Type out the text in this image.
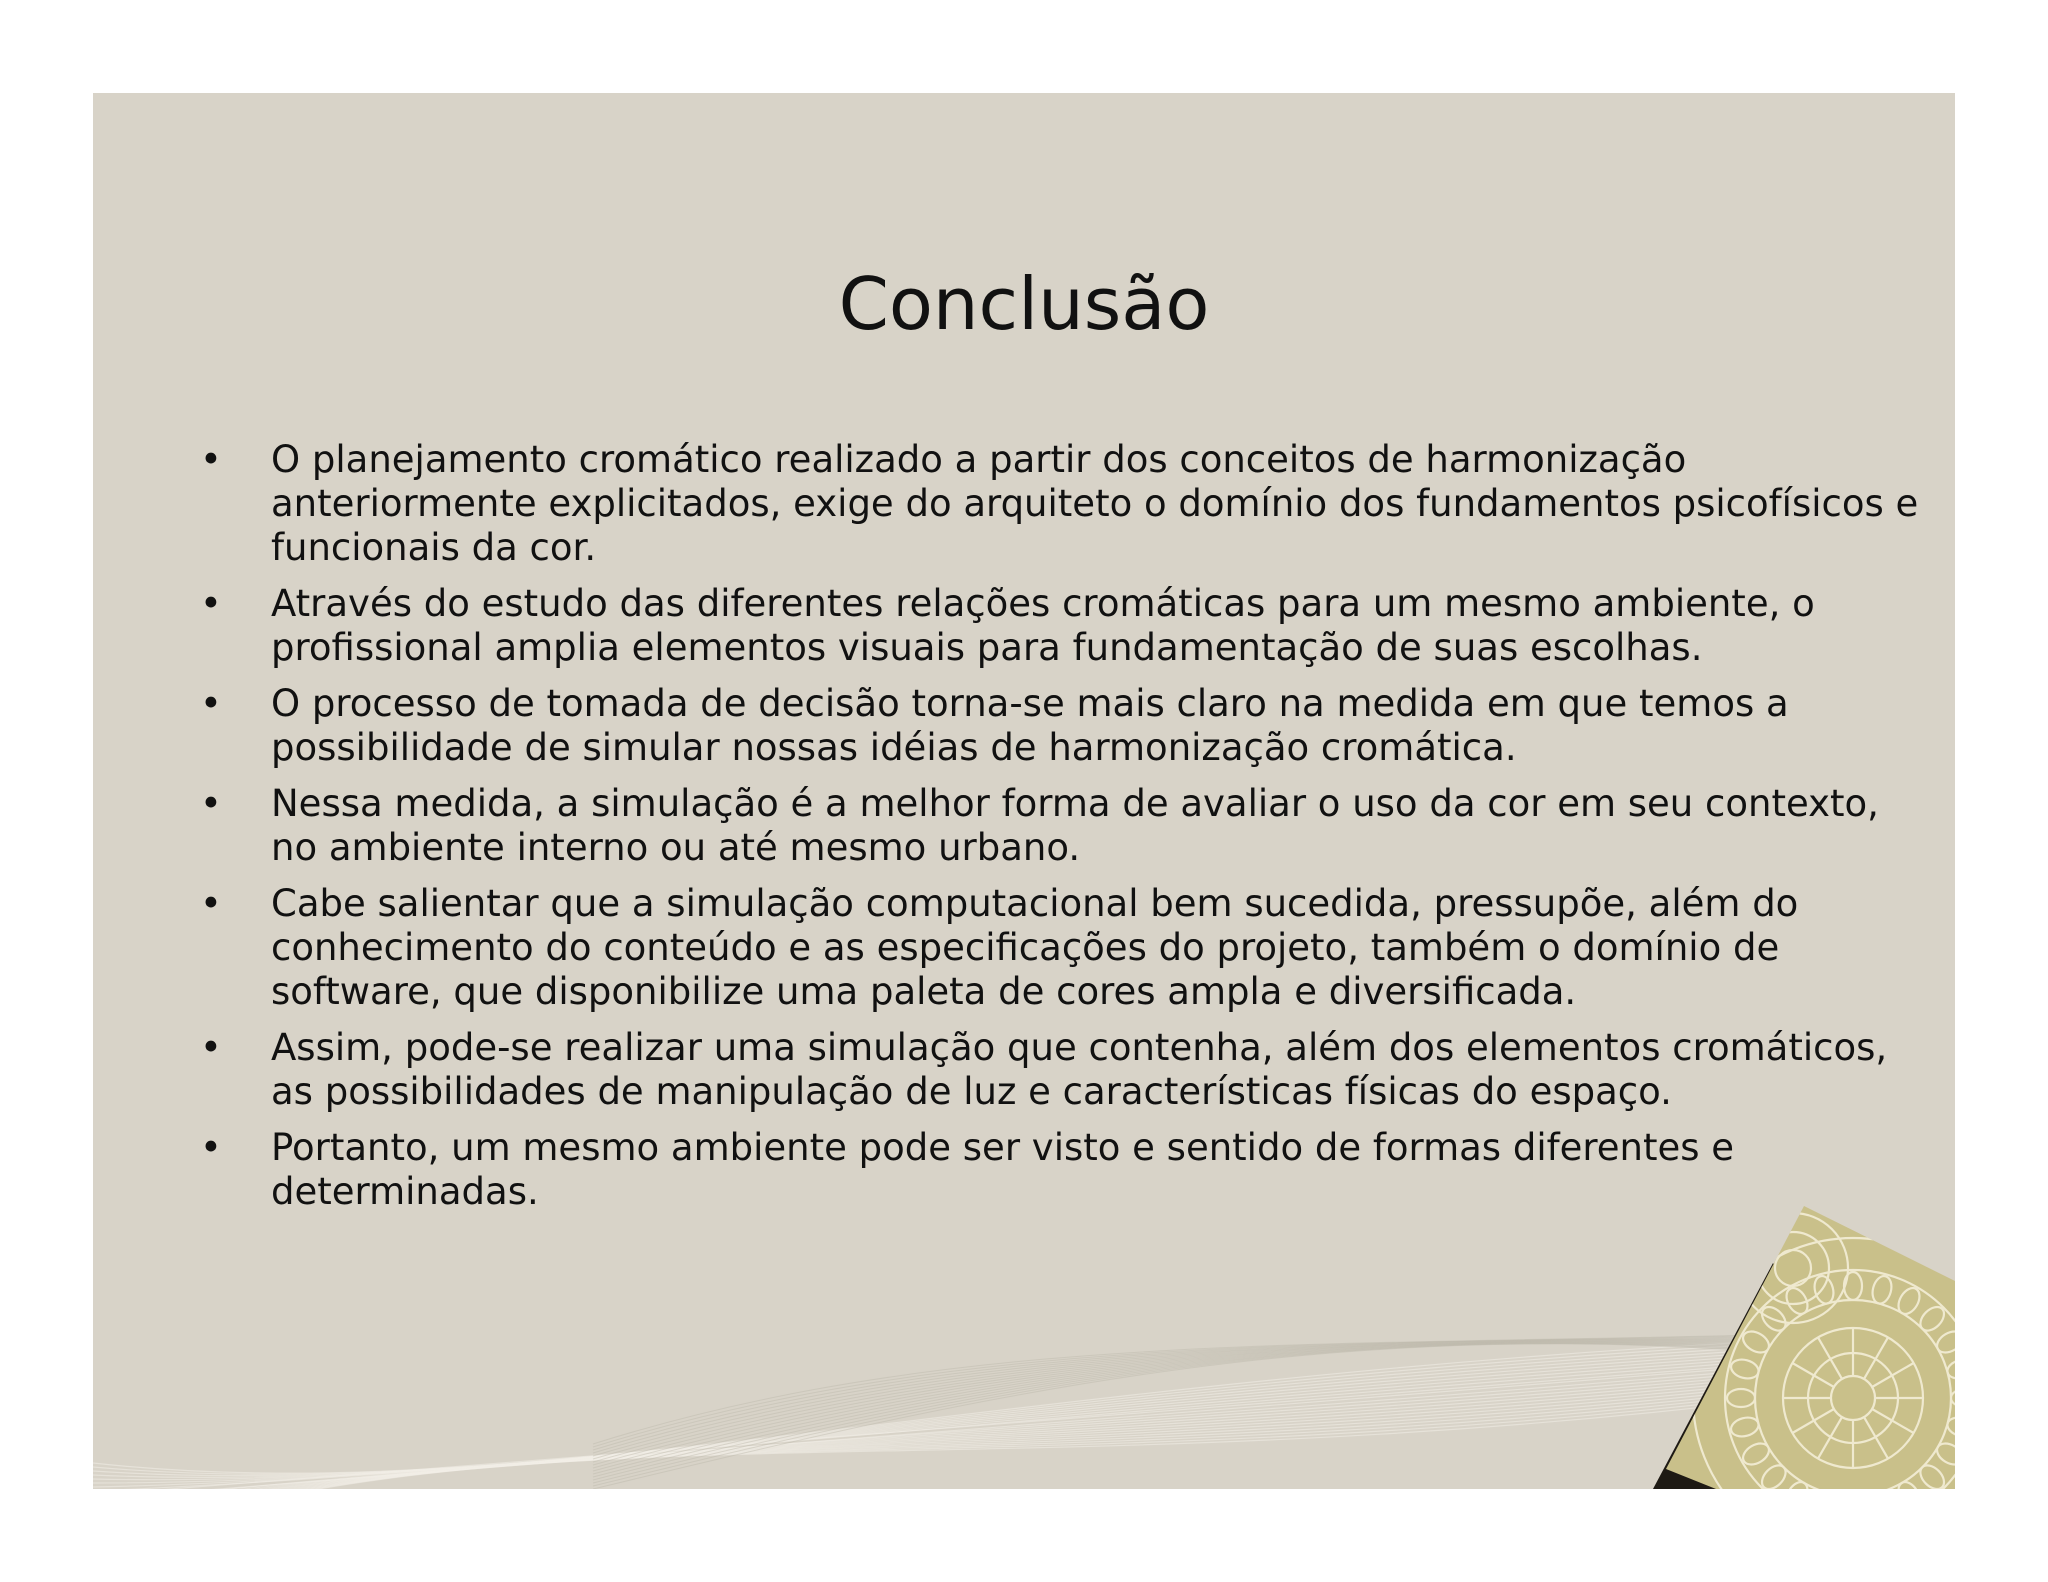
Conclusão
•	O planejamento cromático realizado a partir dos conceitos de harmonização anteriormente explicitados, exige do arquiteto o domínio dos fundamentos psicofísicos e funcionais da cor.
•	Através do estudo das diferentes relações cromáticas para um mesmo ambiente, o profissional amplia elementos visuais para fundamentação de suas escolhas.
•	O processo de tomada de decisão torna-se mais claro na medida em que temos a possibilidade de simular nossas idéias de harmonização cromática.
•	Nessa medida, a simulação é a melhor forma de avaliar o uso da cor em seu contexto, no ambiente interno ou até mesmo urbano.
•	Cabe salientar que a simulação computacional bem sucedida, pressupõe, além do conhecimento do conteúdo e as especificações do projeto, também o domínio de software, que disponibilize uma paleta de cores ampla e diversificada.
•	Assim, pode-se realizar uma simulação que contenha, além dos elementos cromáticos, as possibilidades de manipulação de luz e características físicas do espaço.
•	Portanto, um mesmo ambiente pode ser visto e sentido de formas diferentes e determinadas.
